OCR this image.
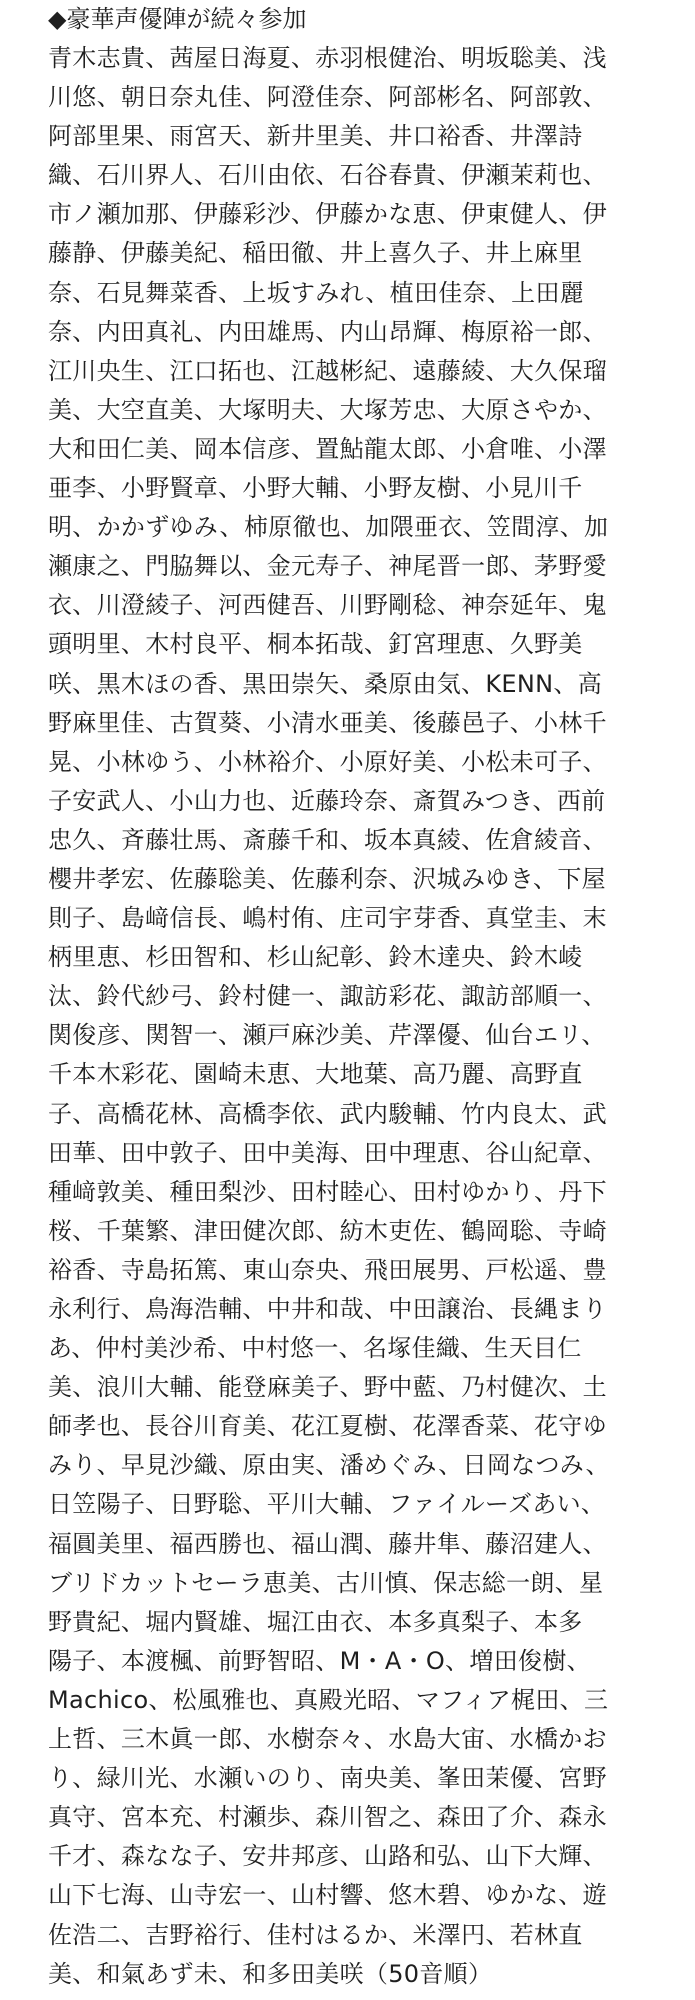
◆豪華声優陣が続々参加
青木志貴、茜屋日海夏、赤羽根健治、明坂聡美、浅
川悠、朝日奈丸佳、阿澄佳奈、阿部彬名、阿部敦、
阿部里果、雨宮天、新井里美、井口裕香、井澤詩
織、石川界人、石川由依、石谷春貴、伊瀬茉莉也、
市ノ瀬加那、伊藤彩沙、伊藤かな恵、伊東健人、伊
藤静、伊藤美紀、稲田徹、井上喜久子、井上麻里
奈、石見舞菜香、上坂すみれ、植田佳奈、上田麗
奈、内田真礼、内田雄馬、内山昂輝、梅原裕一郎、
江川央生、江口拓也、江越彬紀、遠藤綾、大久保瑠
美、大空直美、大塚明夫、大塚芳忠、大原さやか、
大和田仁美、岡本信彦、置鮎龍太郎、小倉唯、小澤
亜李、小野賢章、小野大輔、小野友樹、小見川千
明、かかずゆみ、柿原徹也、加隈亜衣、笠間淳、加
瀬康之、門脇舞以、金元寿子、神尾晋一郎、茅野愛
衣、川澄綾子、河西健吾、川野剛稔、神奈延年、鬼
頭明里、木村良平、桐本拓哉、釘宮理恵、久野美
咲、黒木ほの香、黒田崇矢、桑原由気、KENN、高
野麻里佳、古賀葵、小清水亜美、後藤邑子、小林千
晃、小林ゆう、小林裕介、小原好美、小松未可子、
子安武人、小山力也、近藤玲奈、斎賀みつき、西前
忠久、斉藤壮馬、斎藤千和、坂本真綾、佐倉綾音、
櫻井孝宏、佐藤聡美、佐藤利奈、沢城みゆき、下屋
則子、島﨑信長、嶋村侑、庄司宇芽香、真堂圭、末
柄里恵、杉田智和、杉山紀彰、鈴木達央、鈴木崚
汰、鈴代紗弓、鈴村健一、諏訪彩花、諏訪部順一、
関俊彦、関智一、瀬戸麻沙美、芹澤優、仙台エリ、
千本木彩花、園崎未恵、大地葉、高乃麗、高野直
子、高橋花林、高橋李依、武内駿輔、竹内良太、武
田華、田中敦子、田中美海、田中理恵、谷山紀章、
種﨑敦美、種田梨沙、田村睦心、田村ゆかり、丹下
桜、千葉繁、津田健次郎、紡木吏佐、鶴岡聡、寺崎
裕香、寺島拓篤、東山奈央、飛田展男、戸松遥、豊
永利行、鳥海浩輔、中井和哉、中田譲治、長縄まり
あ、仲村美沙希、中村悠一、名塚佳織、生天目仁
美、浪川大輔、能登麻美子、野中藍、乃村健次、土
師孝也、長谷川育美、花江夏樹、花澤香菜、花守ゆ
みり、早見沙織、原由実、潘めぐみ、日岡なつみ、
日笠陽子、日野聡、平川大輔、ファイルーズあい、
福圓美里、福西勝也、福山潤、藤井隼、藤沼建人、
ブリドカットセーラ恵美、古川慎、保志総一朗、星
野貴紀、堀内賢雄、堀江由衣、本多真梨子、本多
陽子、本渡楓、前野智昭、M・A・O、増田俊樹、
Machico、松風雅也、真殿光昭、マフィア梶田、三
上哲、三木眞一郎、水樹奈々、水島大宙、水橋かお
り、緑川光、水瀬いのり、南央美、峯田茉優、宮野
真守、宮本充、村瀬歩、森川智之、森田了介、森永
千才、森なな子、安井邦彦、山路和弘、山下大輝、
山下七海、山寺宏一、山村響、悠木碧、ゆかな、遊
佐浩二、吉野裕行、佳村はるか、米澤円、若林直
美、和氣あず未、和多田美咲（50音順）
